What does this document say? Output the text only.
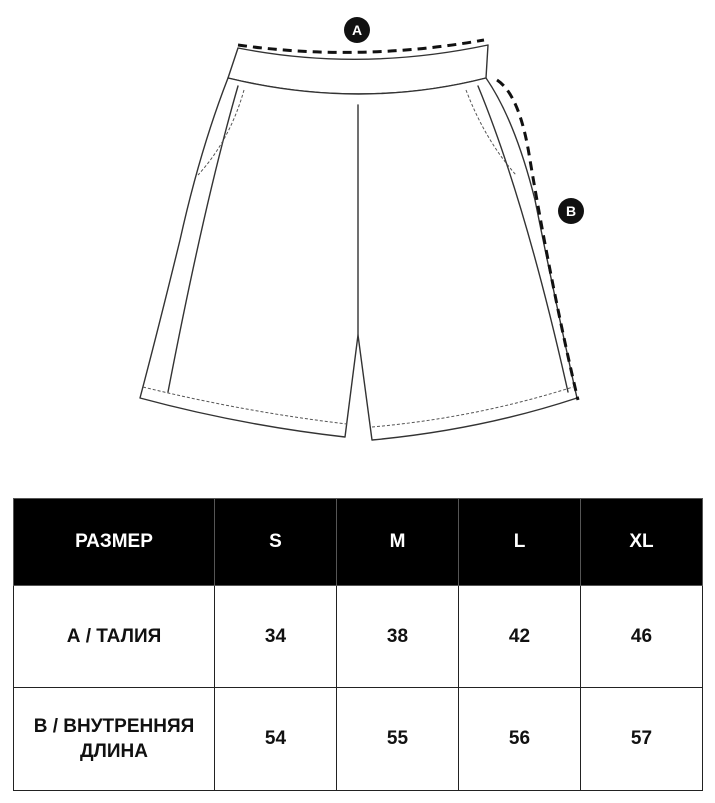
A
B
РАЗМЕР	S	M	L	XL
А / ТАЛИЯ	34	38	42	46
В / ВНУТРЕННЯЯ
ДЛИНА	54	55	56	57
